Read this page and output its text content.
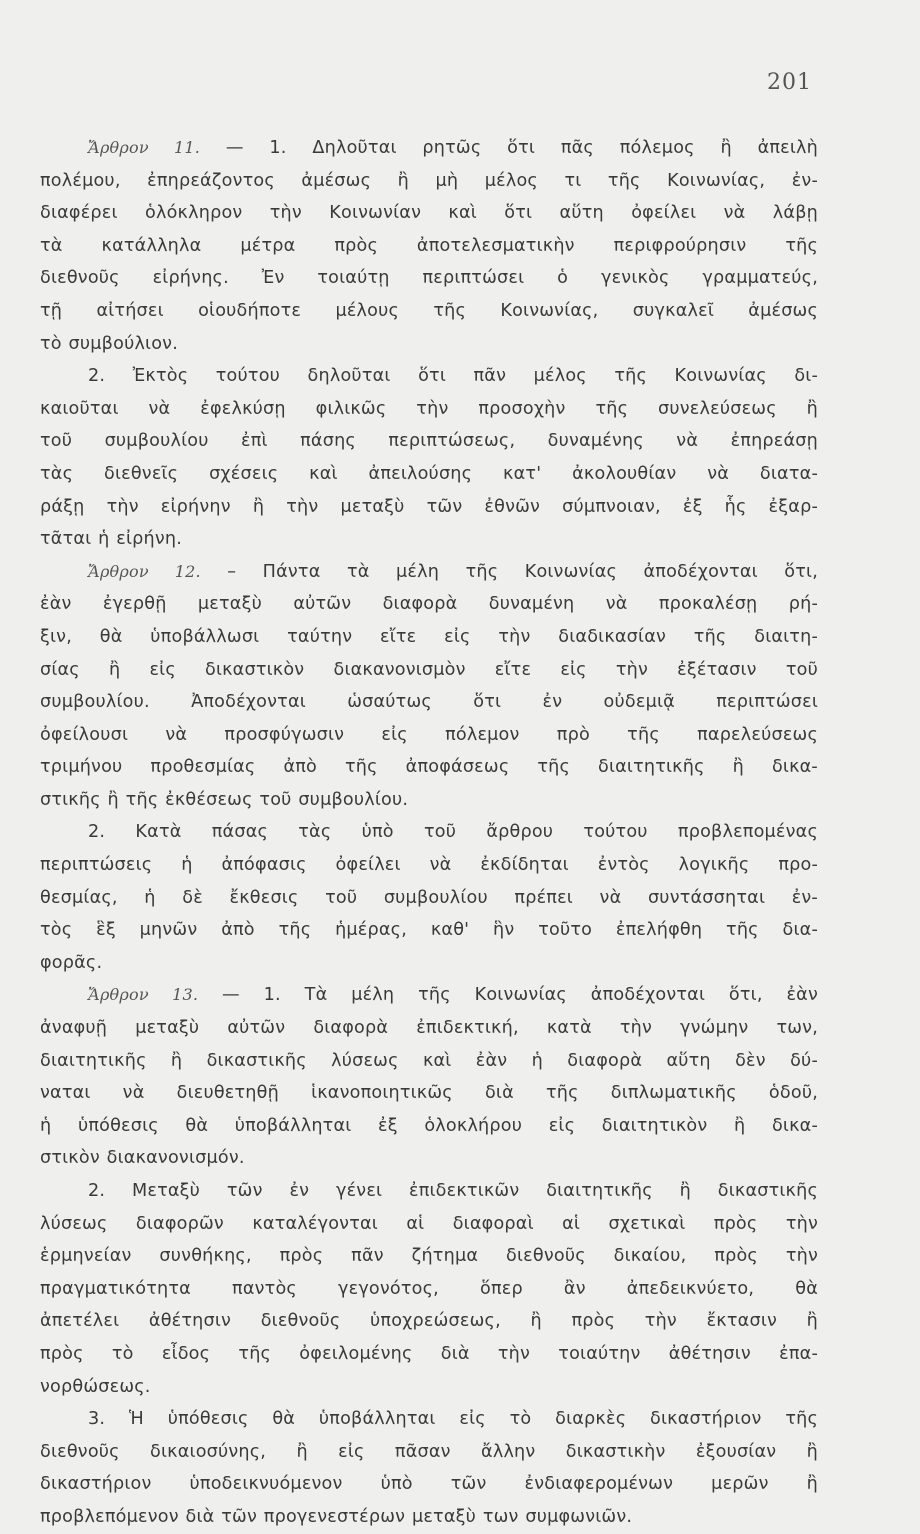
201
Ἄρθρον 11. — 1. Δηλοῦται ρητῶς ὅτι πᾶς πόλεμος ἢ ἀπειλὴ
πολέμου, ἐπηρεάζοντος ἀμέσως ἢ μὴ μέλος τι τῆς Κοινωνίας, ἐν-
διαφέρει ὁλόκληρον τὴν Κοινωνίαν καὶ ὅτι αὕτη ὀφείλει νὰ λάβῃ
τὰ κατάλληλα μέτρα πρὸς ἀποτελεσματικὴν περιφρούρησιν τῆς
διεθνοῦς εἰρήνης. Ἐν τοιαύτῃ περιπτώσει ὁ γενικὸς γραμματεύς,
τῇ αἰτήσει οἱουδήποτε μέλους τῆς Κοινωνίας, συγκαλεῖ ἀμέσως
τὸ συμβούλιον.
2. Ἐκτὸς τούτου δηλοῦται ὅτι πᾶν μέλος τῆς Κοινωνίας δι-
καιοῦται νὰ ἐφελκύσῃ φιλικῶς τὴν προσοχὴν τῆς συνελεύσεως ἢ
τοῦ συμβουλίου ἐπὶ πάσης περιπτώσεως, δυναμένης νὰ ἐπηρεάσῃ
τὰς διεθνεῖς σχέσεις καὶ ἀπειλούσης κατ' ἀκολουθίαν νὰ διατα-
ράξῃ τὴν εἰρήνην ἢ τὴν μεταξὺ τῶν ἐθνῶν σύμπνοιαν, ἐξ ἧς ἐξαρ-
τᾶται ἡ εἰρήνη.
Ἄρθρον 12. – Πάντα τὰ μέλη τῆς Κοινωνίας ἀποδέχονται ὅτι,
ἐὰν ἐγερθῇ μεταξὺ αὐτῶν διαφορὰ δυναμένη νὰ προκαλέσῃ ρή-
ξιν, θὰ ὑποβάλλωσι ταύτην εἴτε εἰς τὴν διαδικασίαν τῆς διαιτη-
σίας ἢ εἰς δικαστικὸν διακανονισμὸν εἴτε εἰς τὴν ἐξέτασιν τοῦ
συμβουλίου. Ἀποδέχονται ὡσαύτως ὅτι ἐν οὐδεμιᾷ περιπτώσει
ὀφείλουσι νὰ προσφύγωσιν εἰς πόλεμον πρὸ τῆς παρελεύσεως
τριμήνου προθεσμίας ἀπὸ τῆς ἀποφάσεως τῆς διαιτητικῆς ἢ δικα-
στικῆς ἢ τῆς ἐκθέσεως τοῦ συμβουλίου.
2. Κατὰ πάσας τὰς ὑπὸ τοῦ ἄρθρου τούτου προβλεπομένας
περιπτώσεις ἡ ἀπόφασις ὀφείλει νὰ ἐκδίδηται ἐντὸς λογικῆς προ-
θεσμίας, ἡ δὲ ἔκθεσις τοῦ συμβουλίου πρέπει νὰ συντάσσηται ἐν-
τὸς ἓξ μηνῶν ἀπὸ τῆς ἡμέρας, καθ' ἣν τοῦτο ἐπελήφθη τῆς δια-
φορᾶς.
Ἄρθρον 13. — 1. Τὰ μέλη τῆς Κοινωνίας ἀποδέχονται ὅτι, ἐὰν
ἀναφυῇ μεταξὺ αὐτῶν διαφορὰ ἐπιδεκτική, κατὰ τὴν γνώμην των,
διαιτητικῆς ἢ δικαστικῆς λύσεως καὶ ἐὰν ἡ διαφορὰ αὕτη δὲν δύ-
ναται νὰ διευθετηθῇ ἱκανοποιητικῶς διὰ τῆς διπλωματικῆς ὁδοῦ,
ἡ ὑπόθεσις θὰ ὑποβάλληται ἐξ ὁλοκλήρου εἰς διαιτητικὸν ἢ δικα-
στικὸν διακανονισμόν.
2. Μεταξὺ τῶν ἐν γένει ἐπιδεκτικῶν διαιτητικῆς ἢ δικαστικῆς
λύσεως διαφορῶν καταλέγονται αἱ διαφοραὶ αἱ σχετικαὶ πρὸς τὴν
ἑρμηνείαν συνθήκης, πρὸς πᾶν ζήτημα διεθνοῦς δικαίου, πρὸς τὴν
πραγματικότητα παντὸς γεγονότος, ὅπερ ἂν ἀπεδεικνύετο, θὰ
ἀπετέλει ἀθέτησιν διεθνοῦς ὑποχρεώσεως, ἢ πρὸς τὴν ἔκτασιν ἢ
πρὸς τὸ εἶδος τῆς ὀφειλομένης διὰ τὴν τοιαύτην ἀθέτησιν ἐπα-
νορθώσεως.
3. Ἡ ὑπόθεσις θὰ ὑποβάλληται εἰς τὸ διαρκὲς δικαστήριον τῆς
διεθνοῦς δικαιοσύνης, ἢ εἰς πᾶσαν ἄλλην δικαστικὴν ἐξουσίαν ἢ
δικαστήριον ὑποδεικνυόμενον ὑπὸ τῶν ἐνδιαφερομένων μερῶν ἢ
προβλεπόμενον διὰ τῶν προγενεστέρων μεταξὺ των συμφωνιῶν.
